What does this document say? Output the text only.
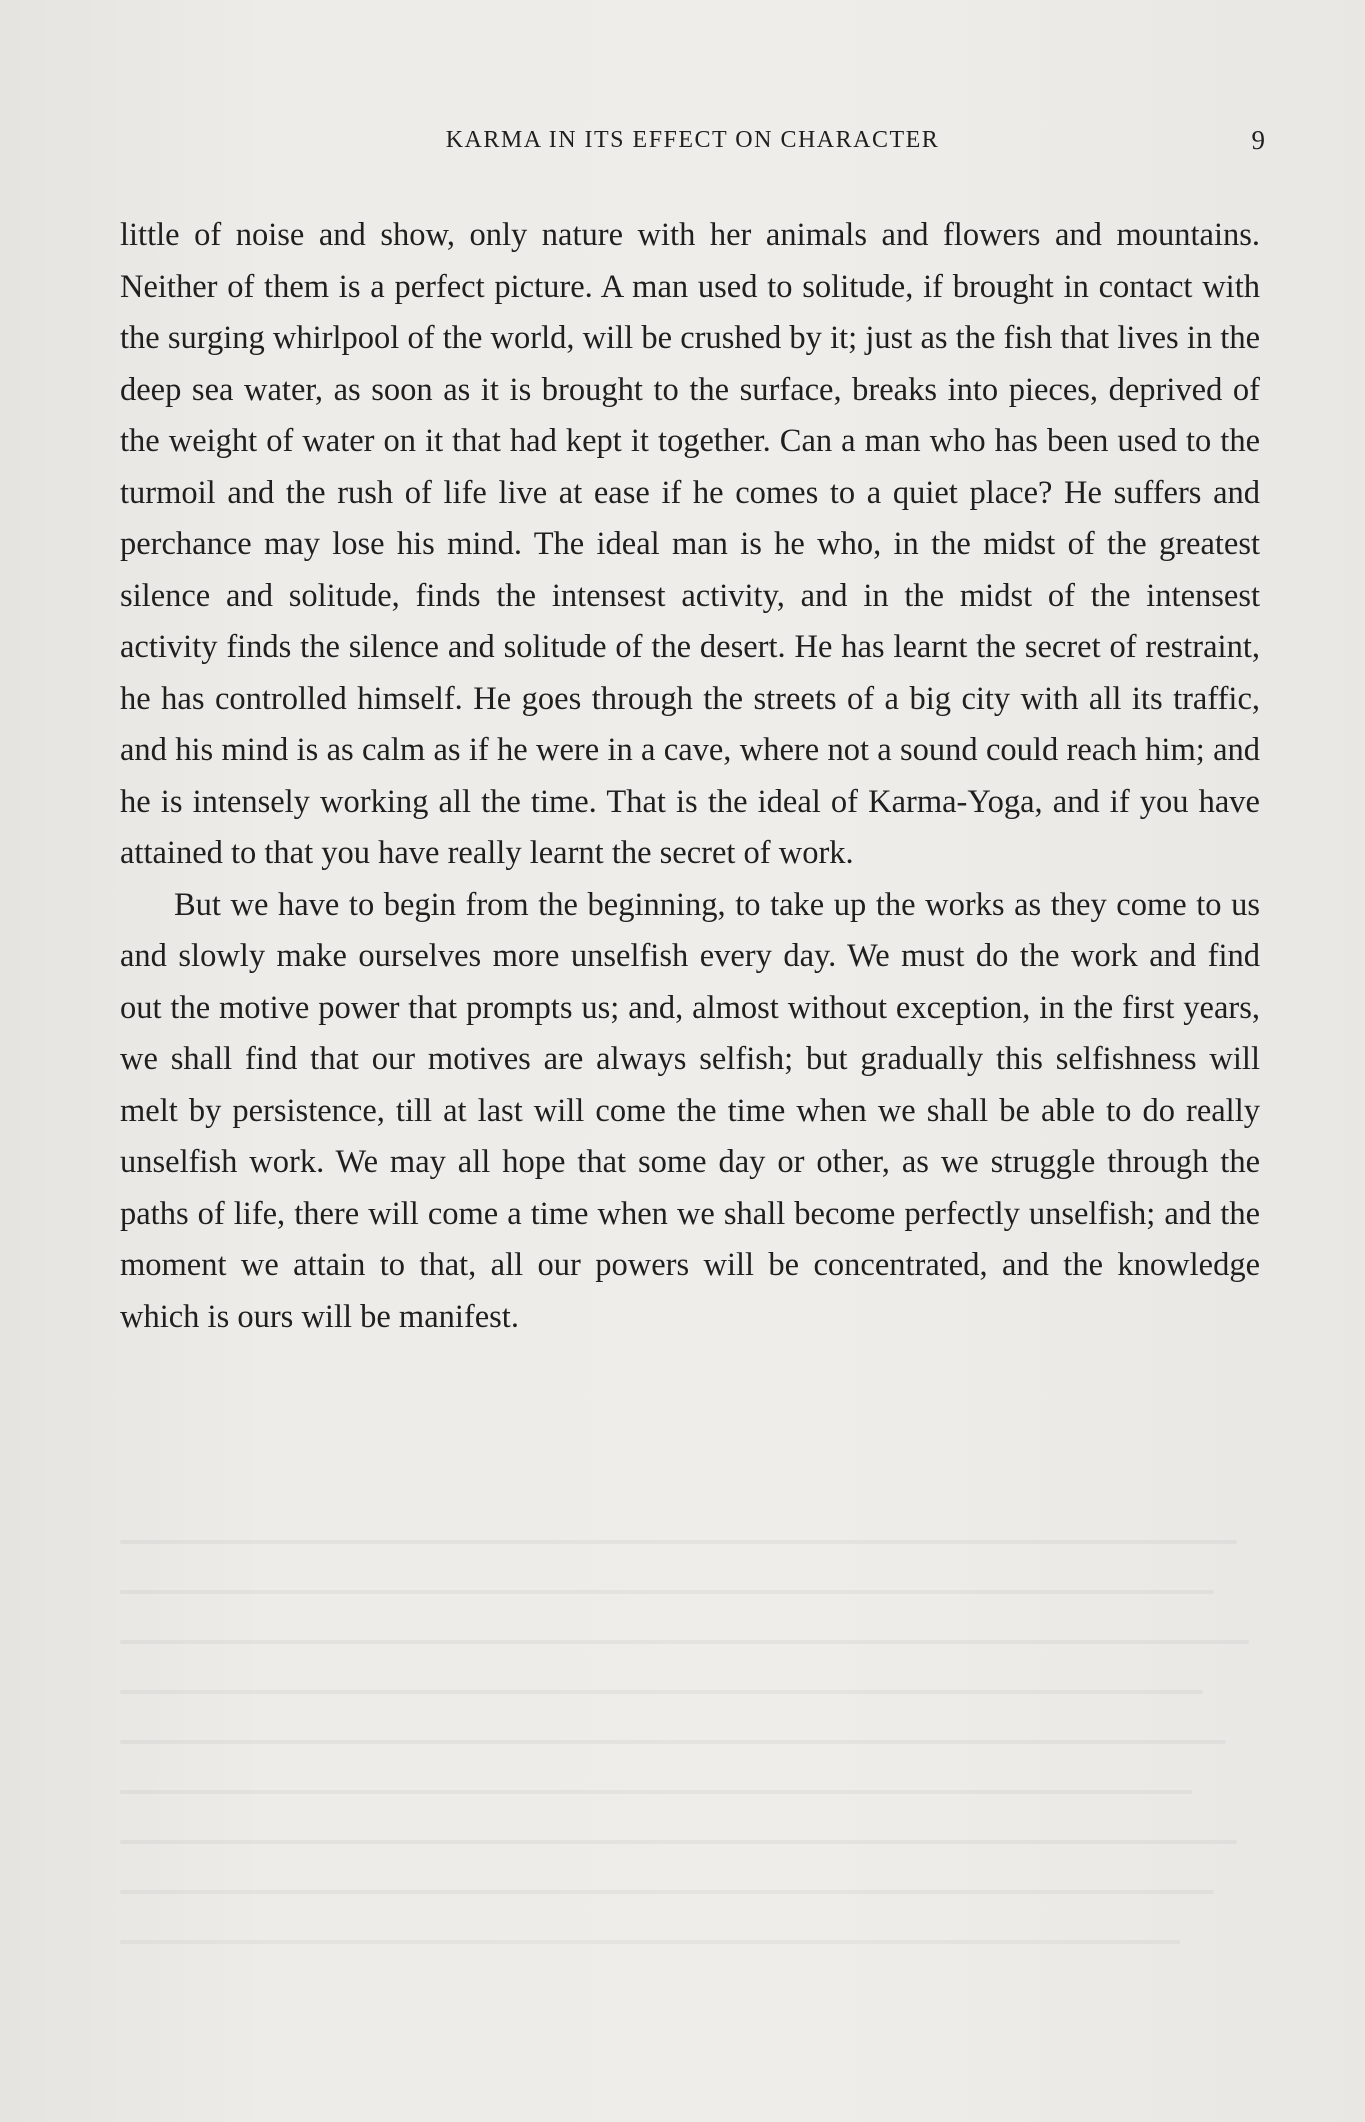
KARMA IN ITS EFFECT ON CHARACTER	9

little of noise and show, only nature with her animals and flowers and mountains. Neither of them is a perfect picture. A man used to solitude, if brought in contact with the surging whirlpool of the world, will be crushed by it; just as the fish that lives in the deep sea water, as soon as it is brought to the surface, breaks into pieces, deprived of the weight of water on it that had kept it together. Can a man who has been used to the turmoil and the rush of life live at ease if he comes to a quiet place? He suffers and perchance may lose his mind. The ideal man is he who, in the midst of the greatest silence and solitude, finds the intensest activity, and in the midst of the intensest activity finds the silence and solitude of the desert. He has learnt the secret of restraint, he has controlled himself. He goes through the streets of a big city with all its traffic, and his mind is as calm as if he were in a cave, where not a sound could reach him; and he is intensely working all the time. That is the ideal of Karma-Yoga, and if you have attained to that you have really learnt the secret of work.

But we have to begin from the beginning, to take up the works as they come to us and slowly make ourselves more unselfish every day. We must do the work and find out the motive power that prompts us; and, almost without exception, in the first years, we shall find that our motives are always selfish; but gradually this selfishness will melt by persistence, till at last will come the time when we shall be able to do really unselfish work. We may all hope that some day or other, as we struggle through the paths of life, there will come a time when we shall become perfectly unselfish; and the moment we attain to that, all our powers will be concentrated, and the knowledge which is ours will be manifest.
